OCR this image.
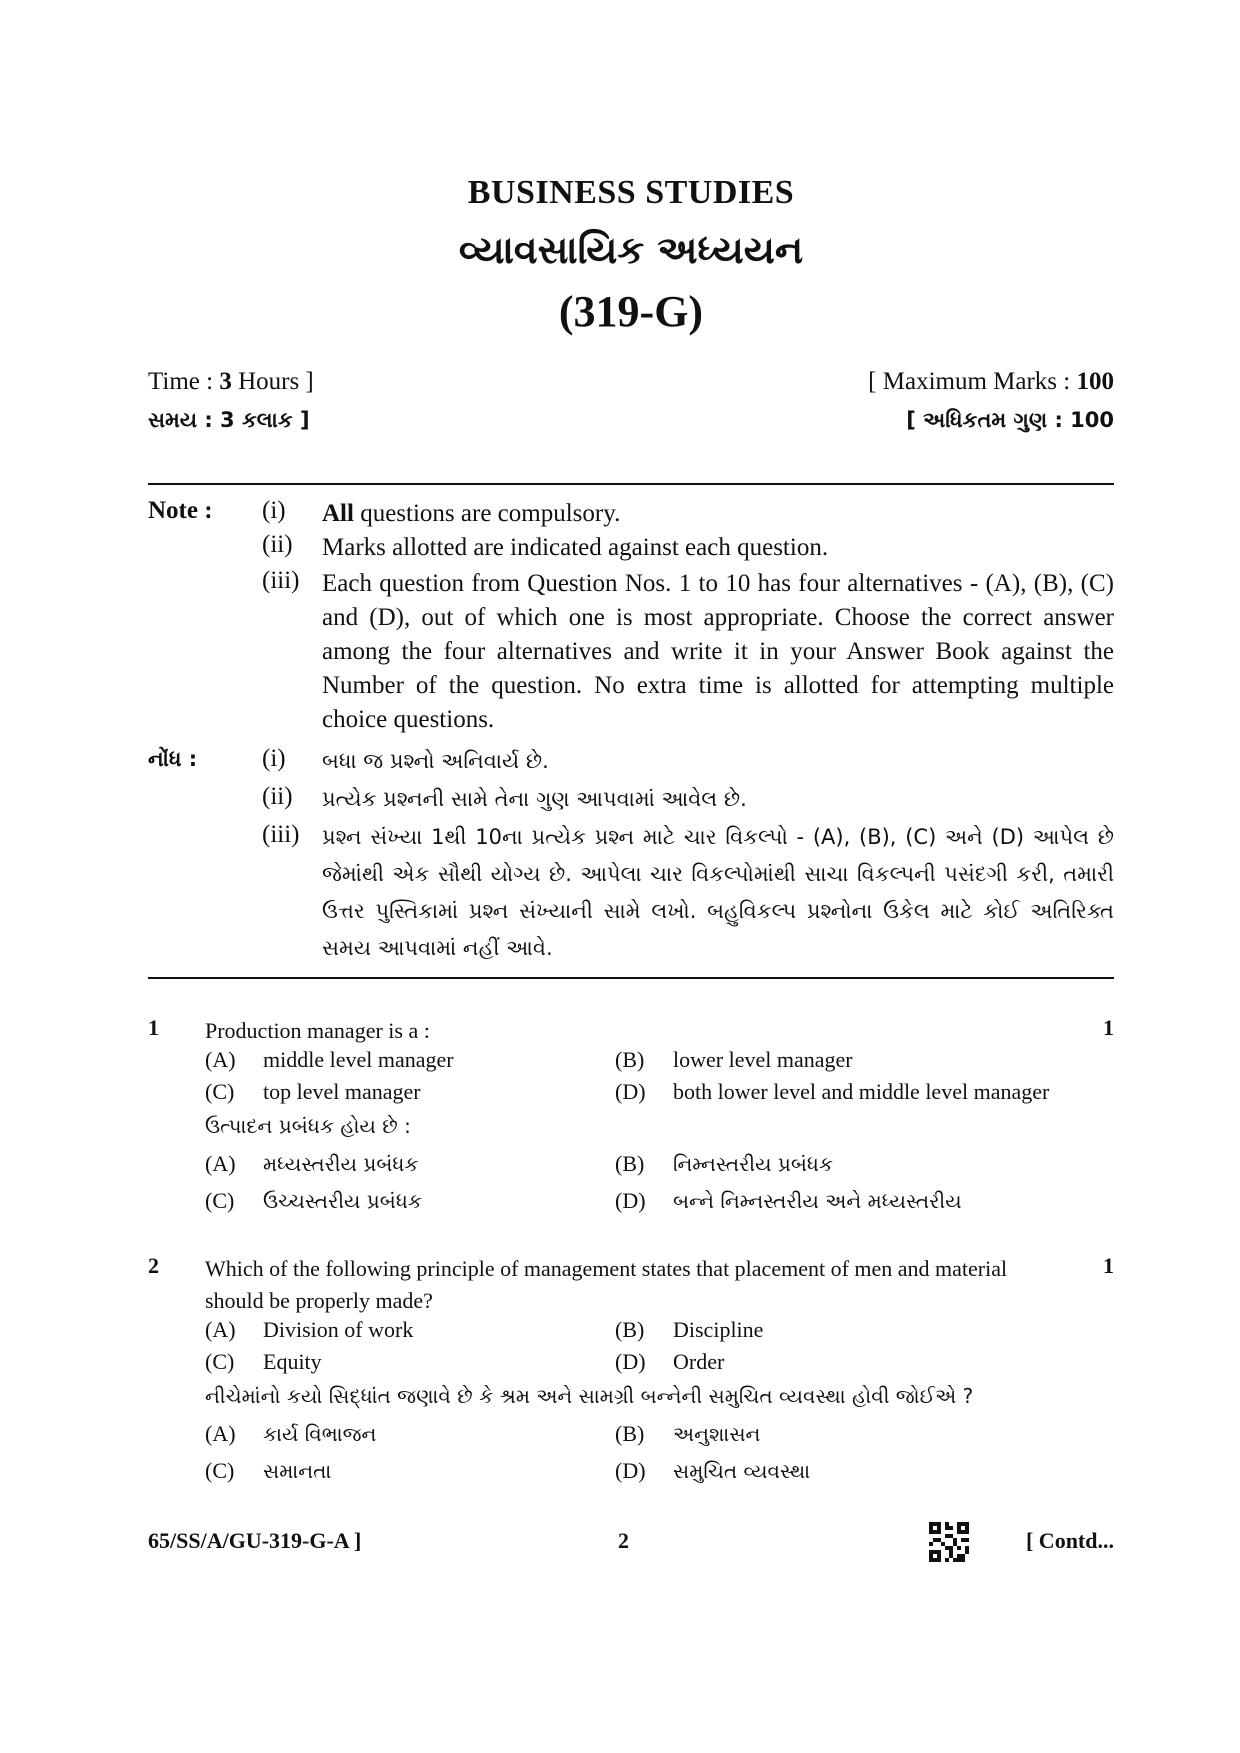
BUSINESS STUDIES
વ્યાવસાયિક અધ્યયન
(319-G)
Time : 3 Hours ]	[ Maximum Marks : 100
સમય : 3 કલાક ]	[ અધિકતમ ગુણ : 100
Note : (i) All questions are compulsory.
(ii) Marks allotted are indicated against each question.
(iii) Each question from Question Nos. 1 to 10 has four alternatives - (A), (B), (C) and (D), out of which one is most appropriate. Choose the correct answer among the four alternatives and write it in your Answer Book against the Number of the question. No extra time is allotted for attempting multiple choice questions.
નોંધ :	(i) બધા જ પ્રશ્નો અનિવાર્ય છે.
(ii) પ્રત્યેક પ્રશ્નની સામે તેના ગુણ આપવામાં આવેલ છે.
(iii) પ્રશ્ન સંખ્યા 1થી 10ના પ્રત્યેક પ્રશ્ન માટે ચાર વિકલ્પો - (A), (B), (C) અને (D) આપેલ છે જેમાંથી એક સૌથી યોગ્ય છે. આપેલા ચાર વિકલ્પોમાંથી સાચા વિકલ્પની પસંદગી કરી, તમારી ઉત્તર પુસ્તિકામાં પ્રશ્ન સંખ્યાની સામે લખો. બહુવિકલ્પ પ્રશ્નોના ઉકેલ માટે કોઈ અતિરિક્ત સમય આપવામાં નહીં આવે.
1 Production manager is a :	1
(A) middle level manager	(B) lower level manager
(C) top level manager	(D) both lower level and middle level manager
ઉત્પાદન પ્રબંધક હોય છે :
(A) મધ્યસ્તરીય પ્રબંધક	(B) નિમ્નસ્તરીય પ્રબંધક
(C) ઉચ્ચસ્તરીય પ્રબંધક	(D) બન્ને નિમ્નસ્તરીય અને મધ્યસ્તરીય
2 Which of the following principle of management states that placement of men and material should be properly made?
1
(A) Division of work	(B) Discipline
(C) Equity	(D) Order
નીચેમાંનો કયો સિદ્ધાંત જણાવે છે કે શ્રમ અને સામગ્રી બન્નેની સમુચિત વ્યવસ્થા હોવી જોઈએ ?
(A) કાર્ય વિભાજન	(B) અનુશાસન
(C) સમાનતા	(D) સમુચિત વ્યવસ્થા
65/SS/A/GU-319-G-A ]	2	[ Contd...
